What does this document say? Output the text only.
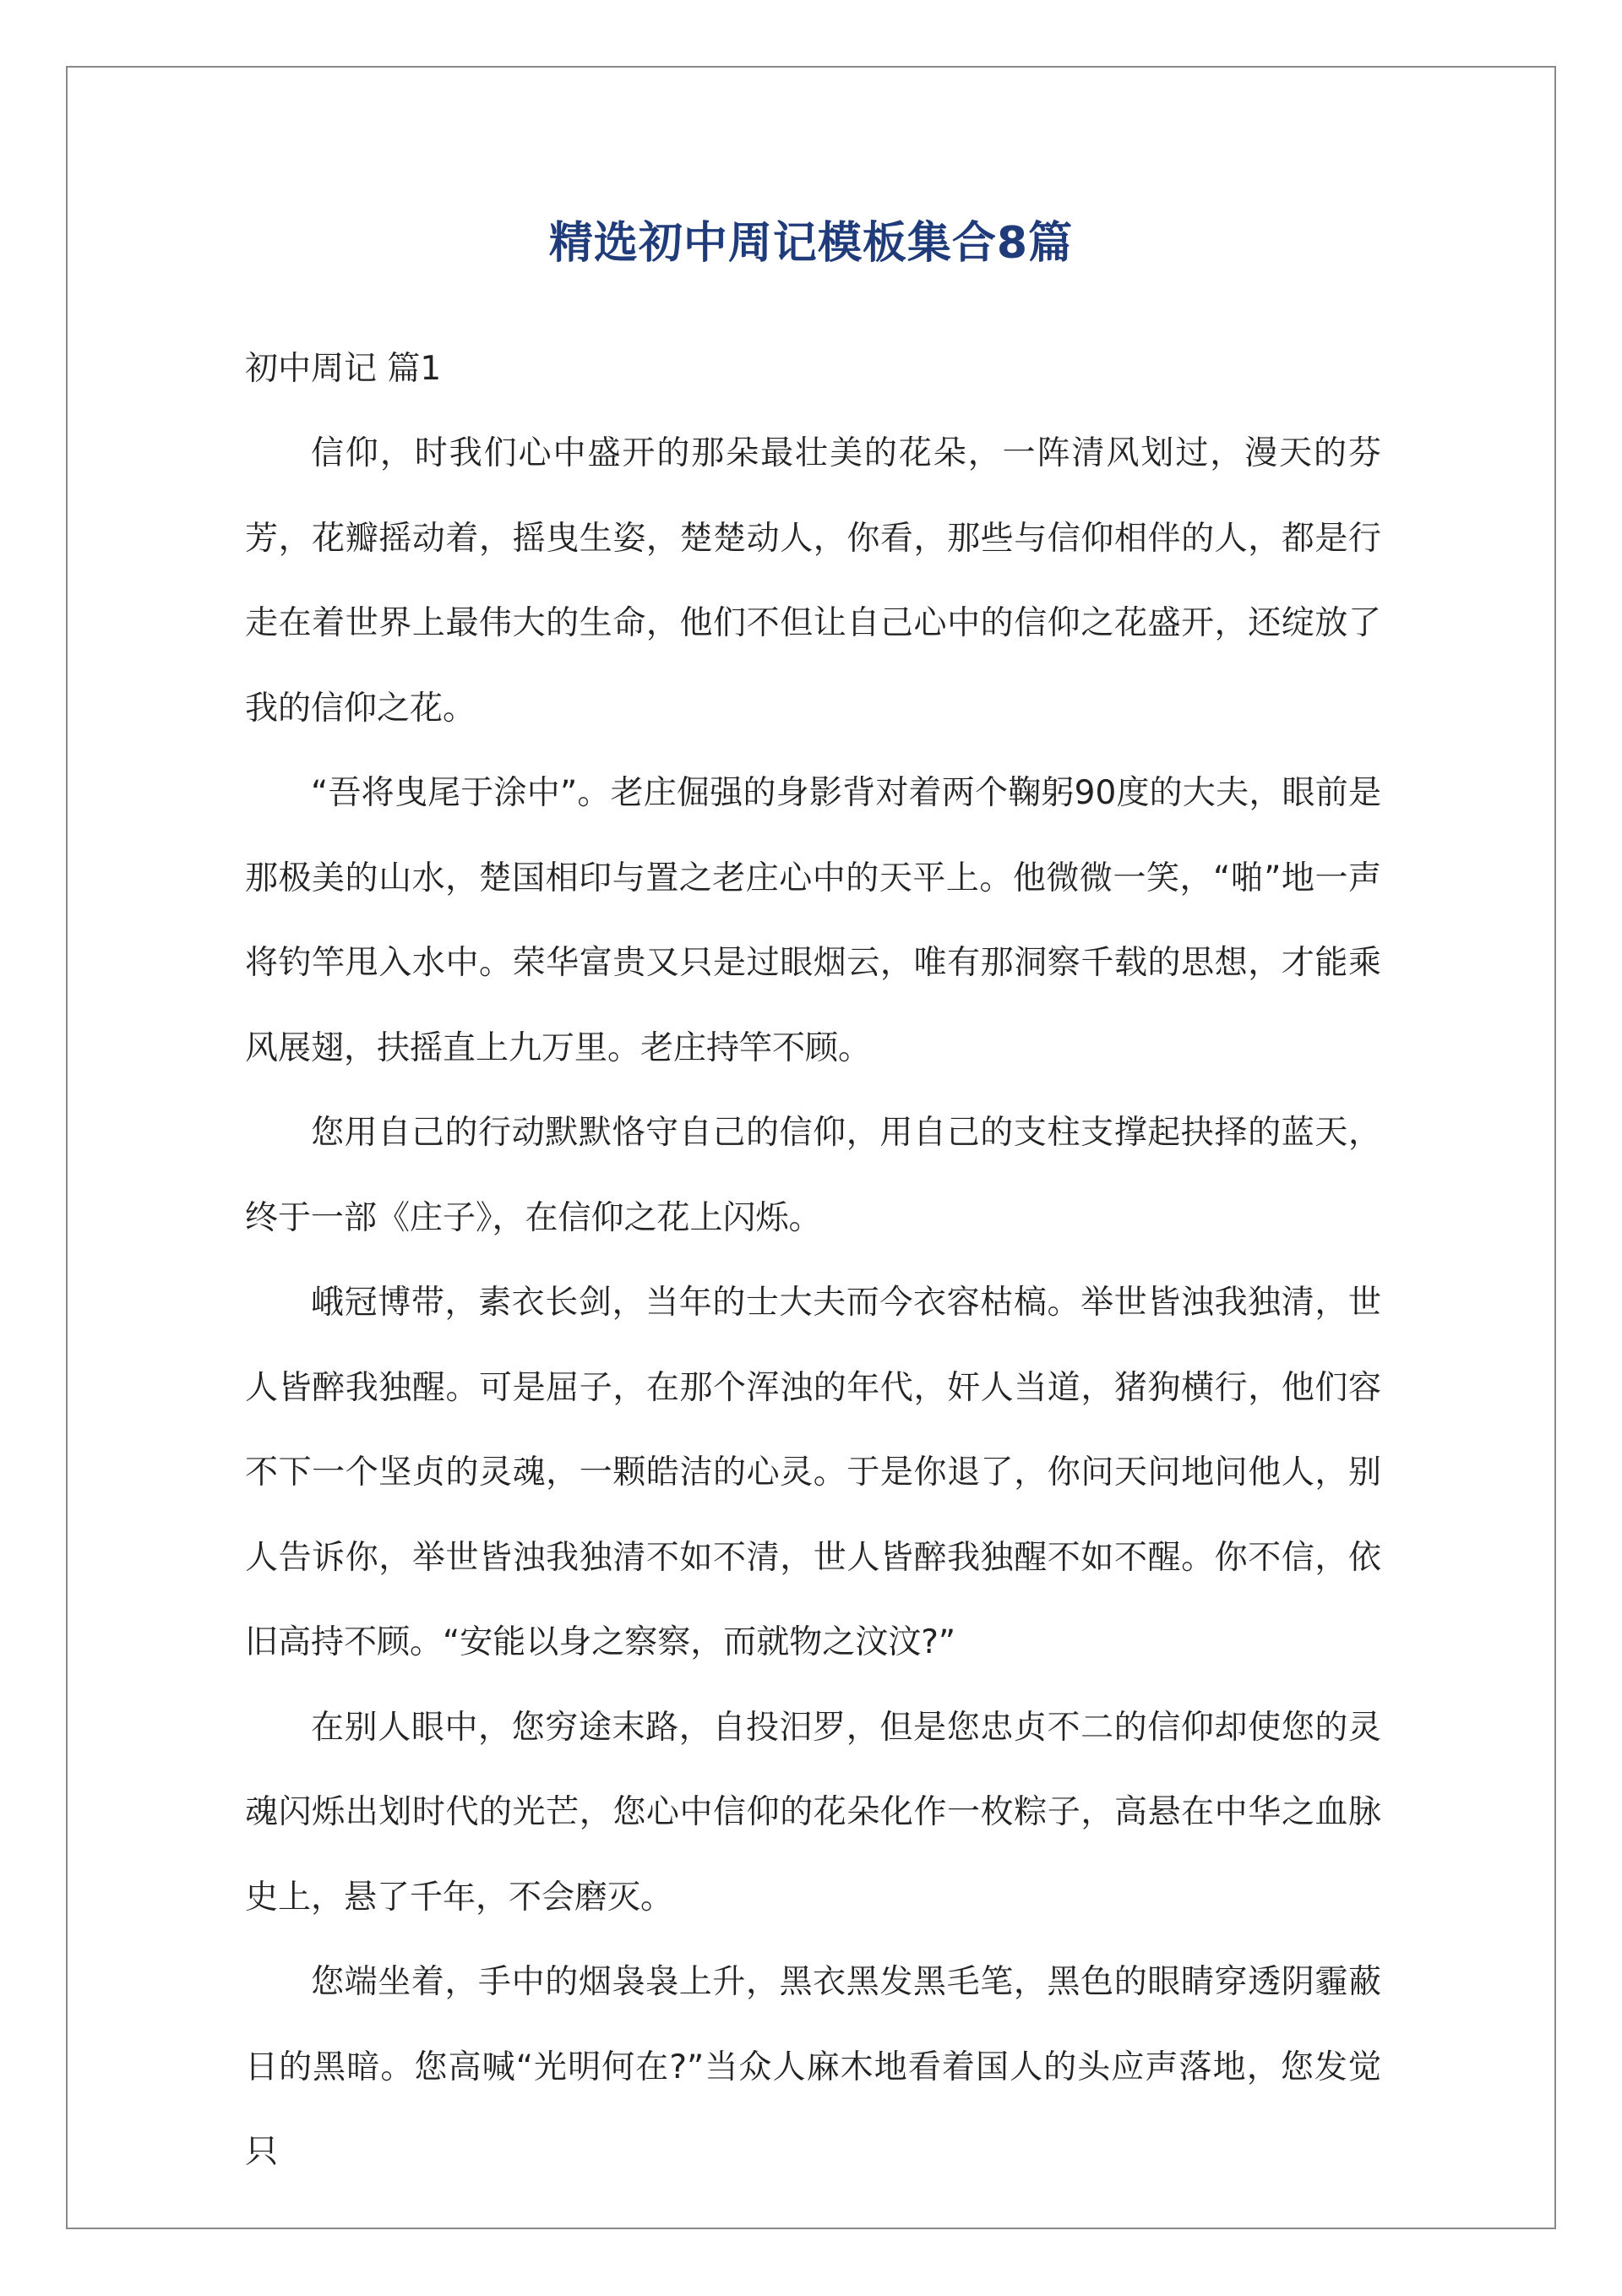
精选初中周记模板集合8篇

初中周记 篇1

信仰，时我们心中盛开的那朵最壮美的花朵，一阵清风划过，漫天的芬芳，花瓣摇动着，摇曳生姿，楚楚动人，你看，那些与信仰相伴的人，都是行走在着世界上最伟大的生命，他们不但让自己心中的信仰之花盛开，还绽放了我的信仰之花。

“吾将曳尾于涂中”。老庄倔强的身影背对着两个鞠躬90度的大夫，眼前是那极美的山水，楚国相印与置之老庄心中的天平上。他微微一笑，“啪”地一声将钓竿甩入水中。荣华富贵又只是过眼烟云，唯有那洞察千载的思想，才能乘风展翅，扶摇直上九万里。老庄持竿不顾。

您用自己的行动默默恪守自己的信仰，用自己的支柱支撑起抉择的蓝天，终于一部《庄子》，在信仰之花上闪烁。

峨冠博带，素衣长剑，当年的士大夫而今衣容枯槁。举世皆浊我独清，世人皆醉我独醒。可是屈子，在那个浑浊的年代，奸人当道，猪狗横行，他们容不下一个坚贞的灵魂，一颗皓洁的心灵。于是你退了，你问天问地问他人，别人告诉你，举世皆浊我独清不如不清，世人皆醉我独醒不如不醒。你不信，依旧高持不顾。“安能以身之察察，而就物之汶汶?”

在别人眼中，您穷途末路，自投汨罗，但是您忠贞不二的信仰却使您的灵魂闪烁出划时代的光芒，您心中信仰的花朵化作一枚粽子，高悬在中华之血脉史上，悬了千年，不会磨灭。

您端坐着，手中的烟袅袅上升，黑衣黑发黑毛笔，黑色的眼睛穿透阴霾蔽日的黑暗。您高喊“光明何在?”当众人麻木地看着国人的头应声落地，您发觉只
